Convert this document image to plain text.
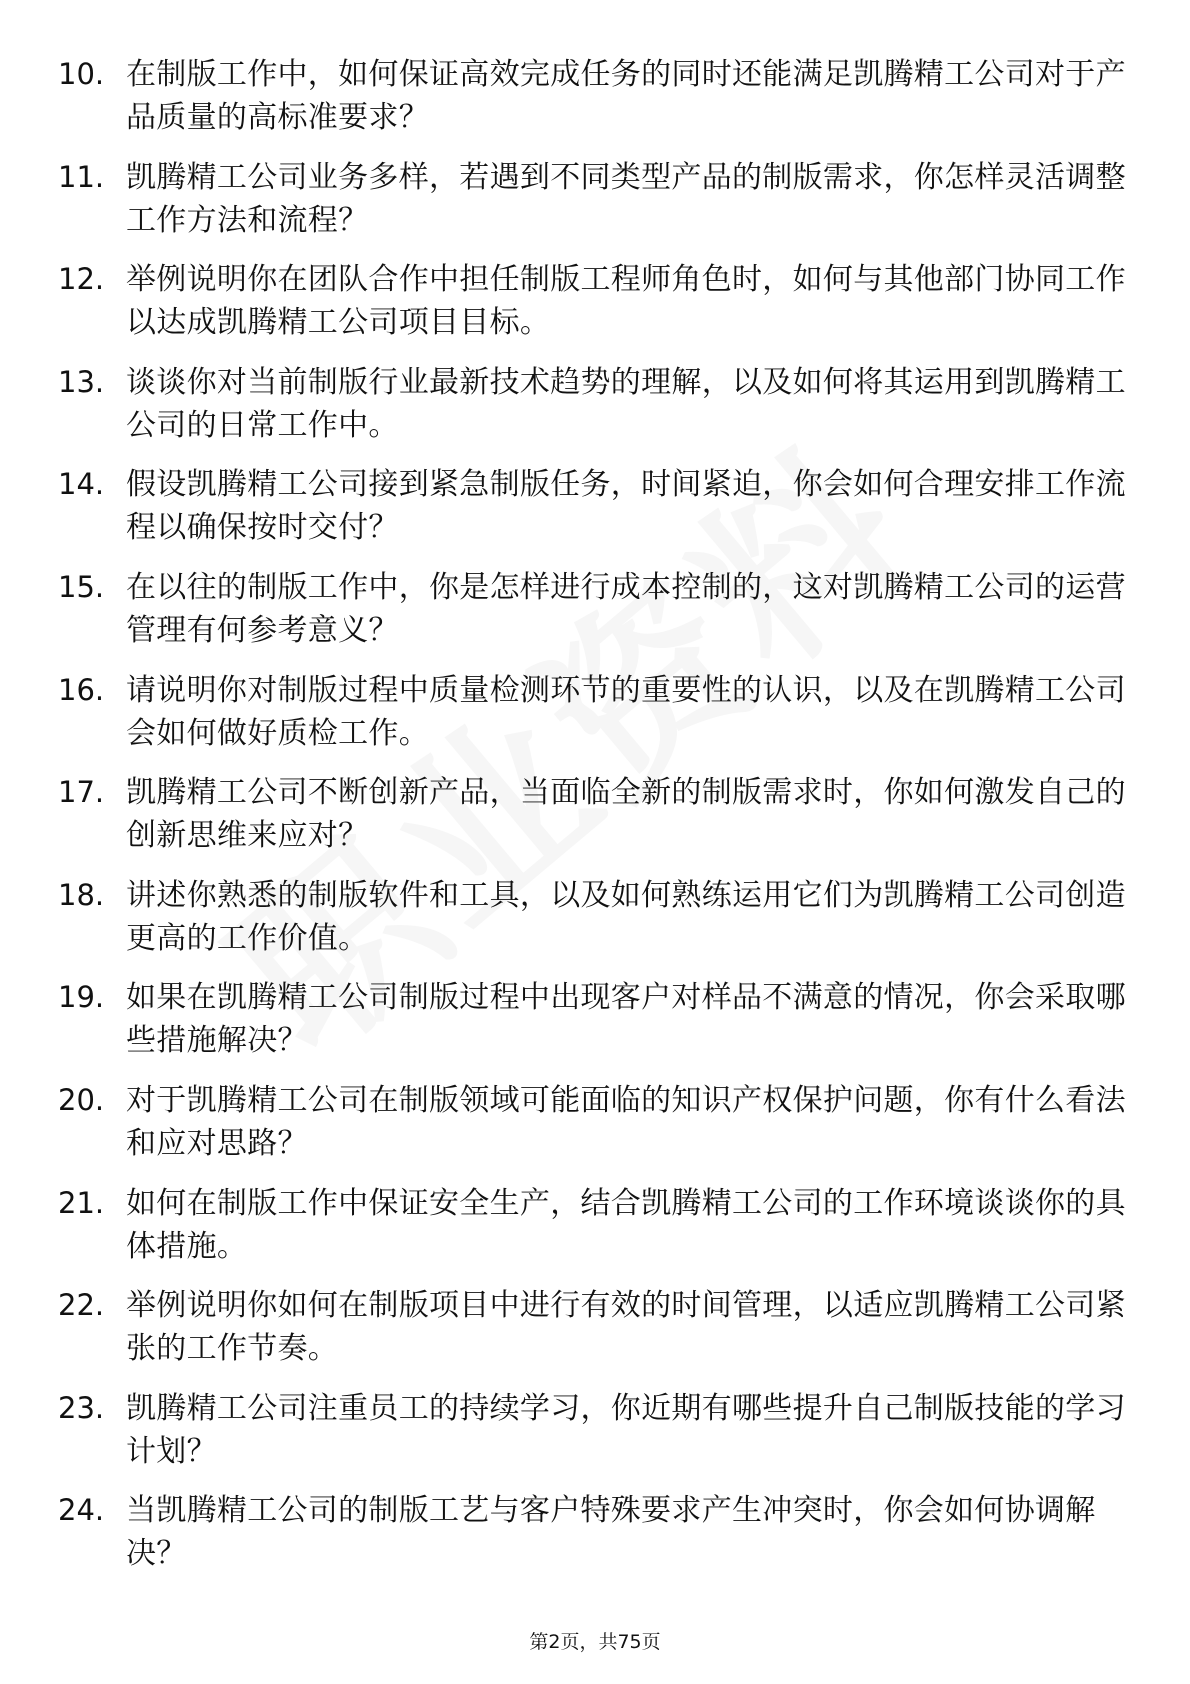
10. 在制版工作中，如何保证高效完成任务的同时还能满足凯腾精工公司对于产品质量的高标准要求？
11. 凯腾精工公司业务多样，若遇到不同类型产品的制版需求，你怎样灵活调整工作方法和流程？
12. 举例说明你在团队合作中担任制版工程师角色时，如何与其他部门协同工作以达成凯腾精工公司项目目标。
13. 谈谈你对当前制版行业最新技术趋势的理解，以及如何将其运用到凯腾精工公司的日常工作中。
14. 假设凯腾精工公司接到紧急制版任务，时间紧迫，你会如何合理安排工作流程以确保按时交付？
15. 在以往的制版工作中，你是怎样进行成本控制的，这对凯腾精工公司的运营管理有何参考意义？
16. 请说明你对制版过程中质量检测环节的重要性的认识，以及在凯腾精工公司会如何做好质检工作。
17. 凯腾精工公司不断创新产品，当面临全新的制版需求时，你如何激发自己的创新思维来应对？
18. 讲述你熟悉的制版软件和工具，以及如何熟练运用它们为凯腾精工公司创造更高的工作价值。
19. 如果在凯腾精工公司制版过程中出现客户对样品不满意的情况，你会采取哪些措施解决？
20. 对于凯腾精工公司在制版领域可能面临的知识产权保护问题，你有什么看法和应对思路？
21. 如何在制版工作中保证安全生产，结合凯腾精工公司的工作环境谈谈你的具体措施。
22. 举例说明你如何在制版项目中进行有效的时间管理，以适应凯腾精工公司紧张的工作节奏。
23. 凯腾精工公司注重员工的持续学习，你近期有哪些提升自己制版技能的学习计划？
24. 当凯腾精工公司的制版工艺与客户特殊要求产生冲突时，你会如何协调解决？
第2页，共75页
